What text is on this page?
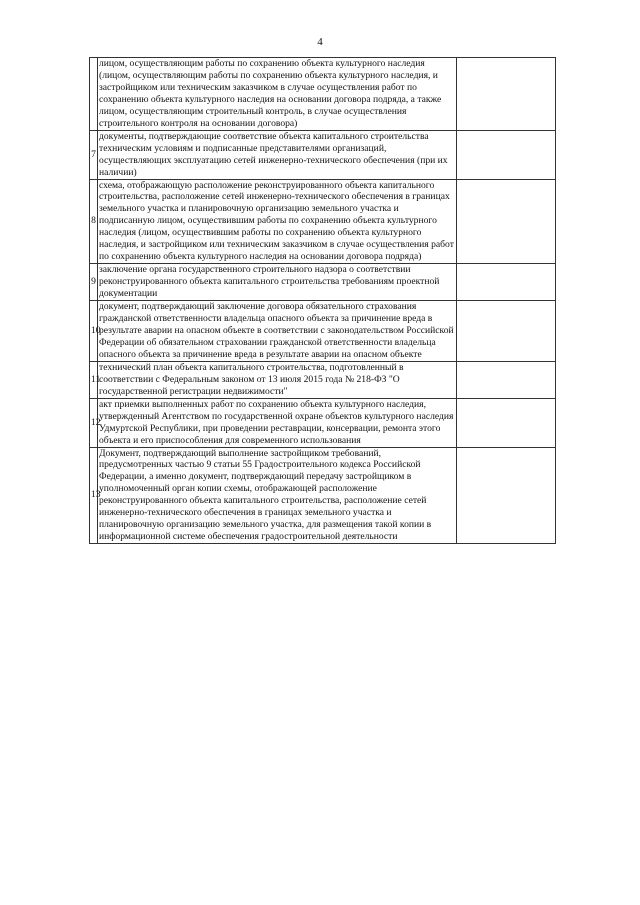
4
	лицом, осуществляющим работы по сохранению объекта культурного наследия (лицом, осуществляющим работы по сохранению объекта культурного наследия, и застройщиком или техническим заказчиком в случае осуществления работ по сохранению объекта культурного наследия на основании договора подряда, а также лицом, осуществляющим строительный контроль, в случае осуществления строительного контроля на основании договора)	
7	документы, подтверждающие соответствие объекта капитального строительства техническим условиям и подписанные представителями организаций, осуществляющих эксплуатацию сетей инженерно-технического обеспечения (при их наличии)	
8	схема, отображающую расположение реконструированного объекта капитального строительства, расположение сетей инженерно-технического обеспечения в границах земельного участка и планировочную организацию земельного участка и подписанную лицом, осуществившим работы по сохранению объекта культурного наследия (лицом, осуществившим работы по сохранению объекта культурного наследия, и застройщиком или техническим заказчиком в случае осуществления работ по сохранению объекта культурного наследия на основании договора подряда)	
9	заключение органа государственного строительного надзора о соответствии реконструированного объекта капитального строительства требованиям проектной документации	
10	документ, подтверждающий заключение договора обязательного страхования гражданской ответственности владельца опасного объекта за причинение вреда в результате аварии на опасном объекте в соответствии с законодательством Российской Федерации об обязательном страховании гражданской ответственности владельца опасного объекта за причинение вреда в результате аварии на опасном объекте	
11	технический план объекта капитального строительства, подготовленный в соответствии с Федеральным законом от 13 июля 2015 года № 218-ФЗ "О государственной регистрации недвижимости"	
12	акт приемки выполненных работ по сохранению объекта культурного наследия, утвержденный Агентством по государственной охране объектов культурного наследия Удмуртской Республики, при проведении реставрации, консервации, ремонта этого объекта и его приспособления для современного использования	
13	Документ, подтверждающий выполнение застройщиком требований, предусмотренных частью 9 статьи 55 Градостроительного кодекса Российской Федерации, а именно документ, подтверждающий передачу застройщиком в уполномоченный орган копии схемы, отображающей расположение реконструированного объекта капитального строительства, расположение сетей инженерно-технического обеспечения в границах земельного участка и планировочную организацию земельного участка, для размещения такой копии в информационной системе обеспечения градостроительной деятельности	
